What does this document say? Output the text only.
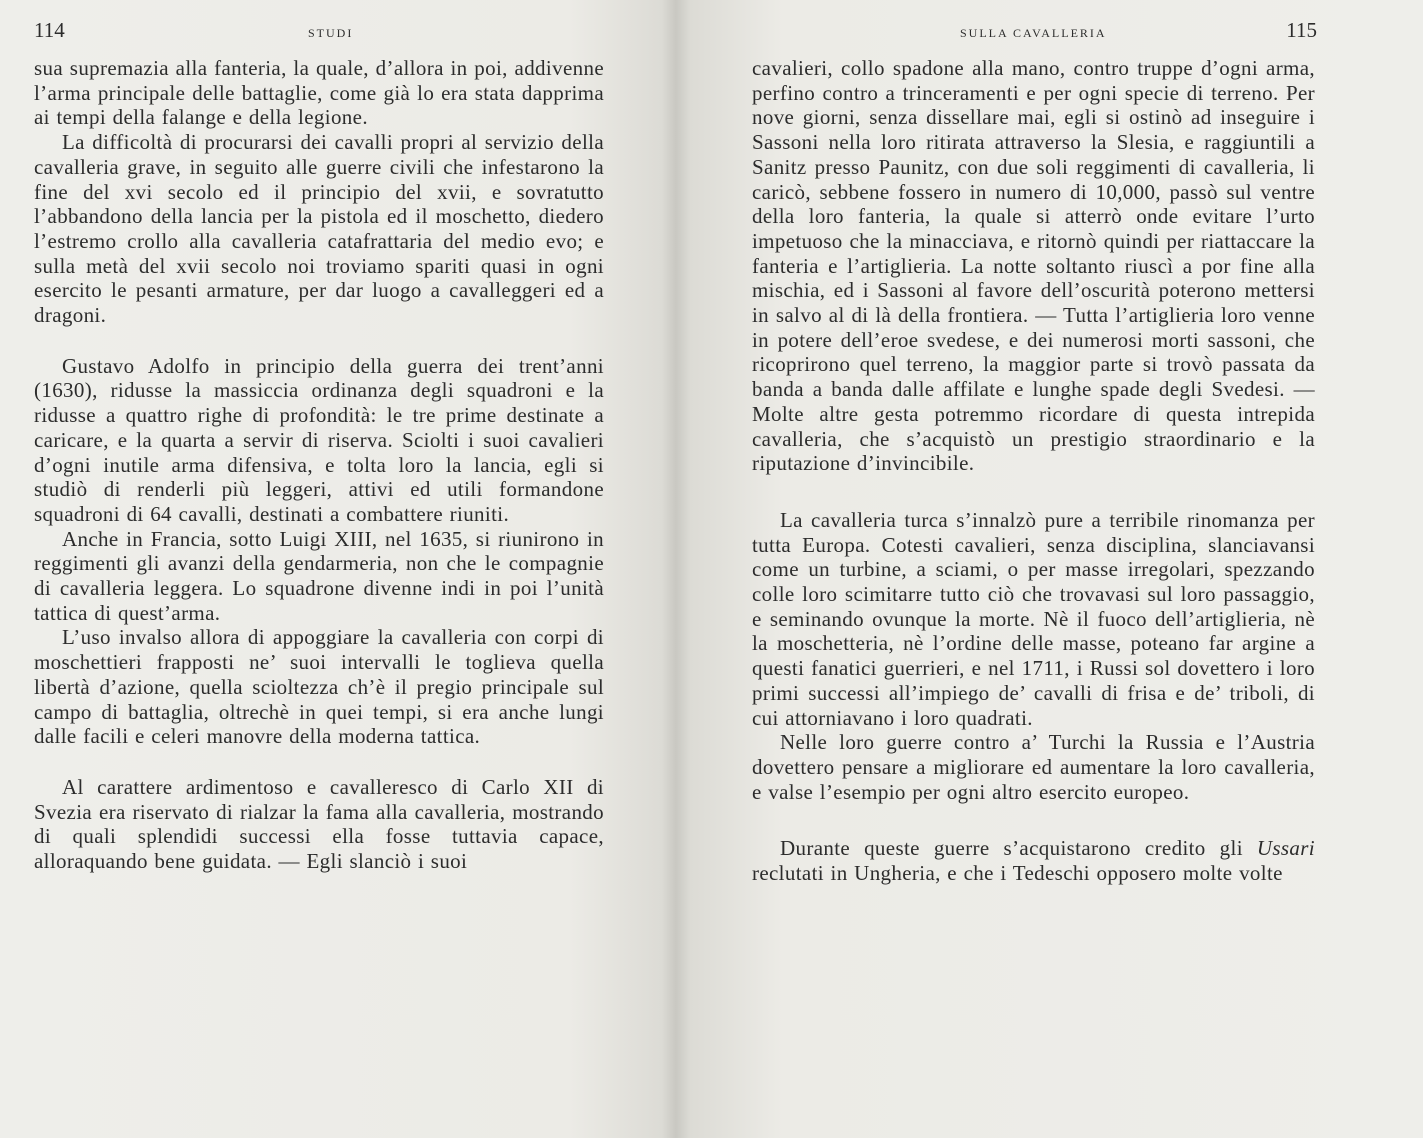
114	STUDI

sua supremazia alla fanteria, la quale, d’allora in poi, addivenne l’arma principale delle battaglie, come già lo era stata dapprima ai tempi della falange e della legione.

La difficoltà di procurarsi dei cavalli propri al servizio della cavalleria grave, in seguito alle guerre civili che infestarono la fine del xvi secolo ed il principio del xvii, e sovratutto l’abbandono della lancia per la pistola ed il moschetto, diedero l’estremo crollo alla cavalleria catafrattaria del medio evo; e sulla metà del xvii secolo noi troviamo spariti quasi in ogni esercito le pesanti armature, per dar luogo a cavalleggeri ed a dragoni.

Gustavo Adolfo in principio della guerra dei trent’anni (1630), ridusse la massiccia ordinanza degli squadroni e la ridusse a quattro righe di profondità: le tre prime destinate a caricare, e la quarta a servir di riserva. Sciolti i suoi cavalieri d’ogni inutile arma difensiva, e tolta loro la lancia, egli si studiò di renderli più leggeri, attivi ed utili formandone squadroni di 64 cavalli, destinati a combattere riuniti.

Anche in Francia, sotto Luigi XIII, nel 1635, si riunirono in reggimenti gli avanzi della gendarmeria, non che le compagnie di cavalleria leggera. Lo squadrone divenne indi in poi l’unità tattica di quest’arma.

L’uso invalso allora di appoggiare la cavalleria con corpi di moschettieri frapposti ne’ suoi intervalli le toglieva quella libertà d’azione, quella scioltezza ch’è il pregio principale sul campo di battaglia, oltrechè in quei tempi, si era anche lungi dalle facili e celeri manovre della moderna tattica.

Al carattere ardimentoso e cavalleresco di Carlo XII di Svezia era riservato di rialzar la fama alla cavalleria, mostrando di quali splendidi successi ella fosse tuttavia capace, alloraquando bene guidata. — Egli slanciò i suoi

SULLA CAVALLERIA	115

cavalieri, collo spadone alla mano, contro truppe d’ogni arma, perfino contro a trinceramenti e per ogni specie di terreno. Per nove giorni, senza dissellare mai, egli si ostinò ad inseguire i Sassoni nella loro ritirata attraverso la Slesia, e raggiuntili a Sanitz presso Paunitz, con due soli reggimenti di cavalleria, li caricò, sebbene fossero in numero di 10,000, passò sul ventre della loro fanteria, la quale si atterrò onde evitare l’urto impetuoso che la minacciava, e ritornò quindi per riattaccare la fanteria e l’artiglieria. La notte soltanto riuscì a por fine alla mischia, ed i Sassoni al favore dell’oscurità poterono mettersi in salvo al di là della frontiera. — Tutta l’artiglieria loro venne in potere dell’eroe svedese, e dei numerosi morti sassoni, che ricoprirono quel terreno, la maggior parte si trovò passata da banda a banda dalle affilate e lunghe spade degli Svedesi. — Molte altre gesta potremmo ricordare di questa intrepida cavalleria, che s’acquistò un prestigio straordinario e la riputazione d’invincibile.

La cavalleria turca s’innalzò pure a terribile rinomanza per tutta Europa. Cotesti cavalieri, senza disciplina, slanciavansi come un turbine, a sciami, o per masse irregolari, spezzando colle loro scimitarre tutto ciò che trovavasi sul loro passaggio, e seminando ovunque la morte. Nè il fuoco dell’artiglieria, nè la moschetteria, nè l’ordine delle masse, poteano far argine a questi fanatici guerrieri, e nel 1711, i Russi sol dovettero i loro primi successi all’impiego de’ cavalli di frisa e de’ triboli, di cui attorniavano i loro quadrati.

Nelle loro guerre contro a’ Turchi la Russia e l’Austria dovettero pensare a migliorare ed aumentare la loro cavalleria, e valse l’esempio per ogni altro esercito europeo.

Durante queste guerre s’acquistarono credito gli Ussari reclutati in Ungheria, e che i Tedeschi opposero molte volte
